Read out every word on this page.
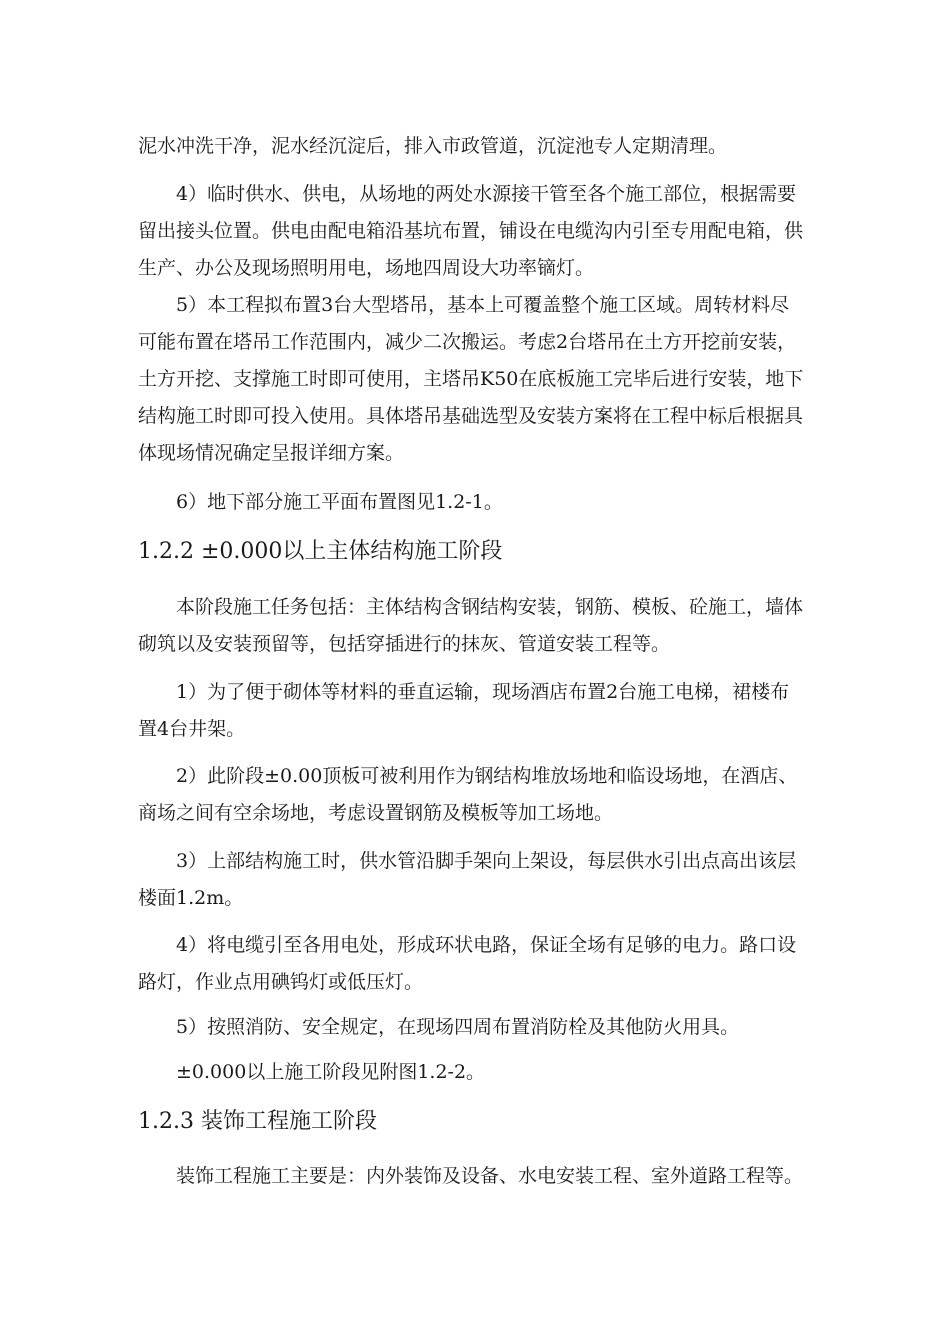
泥水冲洗干净，泥水经沉淀后，排入市政管道，沉淀池专人定期清理。
4）临时供水、供电，从场地的两处水源接干管至各个施工部位，根据需要
留出接头位置。供电由配电箱沿基坑布置，铺设在电缆沟内引至专用配电箱，供
生产、办公及现场照明用电，场地四周设大功率镝灯。
5）本工程拟布置3台大型塔吊，基本上可覆盖整个施工区域。周转材料尽
可能布置在塔吊工作范围内，减少二次搬运。考虑2台塔吊在土方开挖前安装，
土方开挖、支撑施工时即可使用，主塔吊K50在底板施工完毕后进行安装，地下
结构施工时即可投入使用。具体塔吊基础选型及安装方案将在工程中标后根据具
体现场情况确定呈报详细方案。
6）地下部分施工平面布置图见1.2-1。
1.2.2 ±0.000以上主体结构施工阶段
本阶段施工任务包括：主体结构含钢结构安装，钢筋、模板、砼施工，墙体
砌筑以及安装预留等，包括穿插进行的抹灰、管道安装工程等。
1）为了便于砌体等材料的垂直运输，现场酒店布置2台施工电梯，裙楼布
置4台井架。
2）此阶段±0.00顶板可被利用作为钢结构堆放场地和临设场地，在酒店、
商场之间有空余场地，考虑设置钢筋及模板等加工场地。
3）上部结构施工时，供水管沿脚手架向上架设，每层供水引出点高出该层
楼面1.2m。
4）将电缆引至各用电处，形成环状电路，保证全场有足够的电力。路口设
路灯，作业点用碘钨灯或低压灯。
5）按照消防、安全规定，在现场四周布置消防栓及其他防火用具。
±0.000以上施工阶段见附图1.2-2。
1.2.3 装饰工程施工阶段
装饰工程施工主要是：内外装饰及设备、水电安装工程、室外道路工程等。
